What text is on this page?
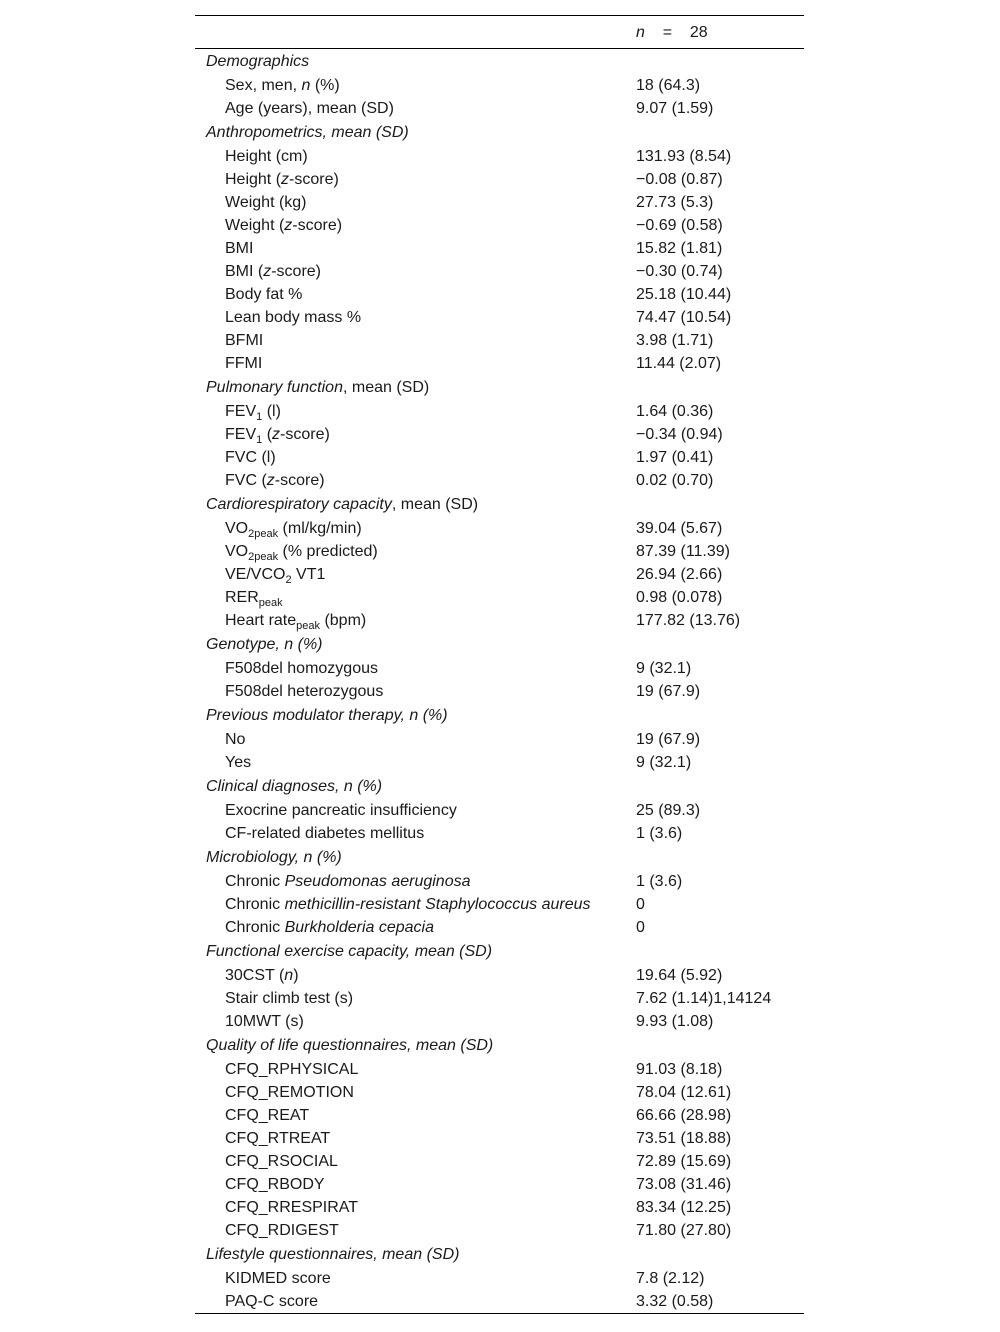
n = 28
Demographics
Sex, men, n (%)	18 (64.3)
Age (years), mean (SD)	9.07 (1.59)
Anthropometrics, mean (SD)
Height (cm)	131.93 (8.54)
Height (z-score)	−0.08 (0.87)
Weight (kg)	27.73 (5.3)
Weight (z-score)	−0.69 (0.58)
BMI	15.82 (1.81)
BMI (z-score)	−0.30 (0.74)
Body fat %	25.18 (10.44)
Lean body mass %	74.47 (10.54)
BFMI	3.98 (1.71)
FFMI	11.44 (2.07)
Pulmonary function, mean (SD)
$FEV_1$ (l)	1.64 (0.36)
$FEV_1$ (z-score)	−0.34 (0.94)
FVC (l)	1.97 (0.41)
FVC (z-score)	0.02 (0.70)
Cardiorespiratory capacity, mean (SD)
$VO_{2peak}$ (ml/kg/min)	39.04 (5.67)
$VO_{2peak}$ (% predicted)	87.39 (11.39)
$VE/VCO_2$ VT1	26.94 (2.66)
$RER_{peak}$	0.98 (0.078)
Heart rate$_{peak}$ (bpm)	177.82 (13.76)
Genotype, n (%)
F508del homozygous	9 (32.1)
F508del heterozygous	19 (67.9)
Previous modulator therapy, n (%)
No	19 (67.9)
Yes	9 (32.1)
Clinical diagnoses, n (%)
Exocrine pancreatic insufficiency	25 (89.3)
CF-related diabetes mellitus	1 (3.6)
Microbiology, n (%)
Chronic Pseudomonas aeruginosa	1 (3.6)
Chronic methicillin-resistant Staphylococcus aureus	0
Chronic Burkholderia cepacia	0
Functional exercise capacity, mean (SD)
30CST (n)	19.64 (5.92)
Stair climb test (s)	7.62 (1.14)1,14124
10MWT (s)	9.93 (1.08)
Quality of life questionnaires, mean (SD)
CFQ_RPHYSICAL	91.03 (8.18)
CFQ_REMOTION	78.04 (12.61)
CFQ_REAT	66.66 (28.98)
CFQ_RTREAT	73.51 (18.88)
CFQ_RSOCIAL	72.89 (15.69)
CFQ_RBODY	73.08 (31.46)
CFQ_RRESPIRAT	83.34 (12.25)
CFQ_RDIGEST	71.80 (27.80)
Lifestyle questionnaires, mean (SD)
KIDMED score	7.8 (2.12)
PAQ-C score	3.32 (0.58)
